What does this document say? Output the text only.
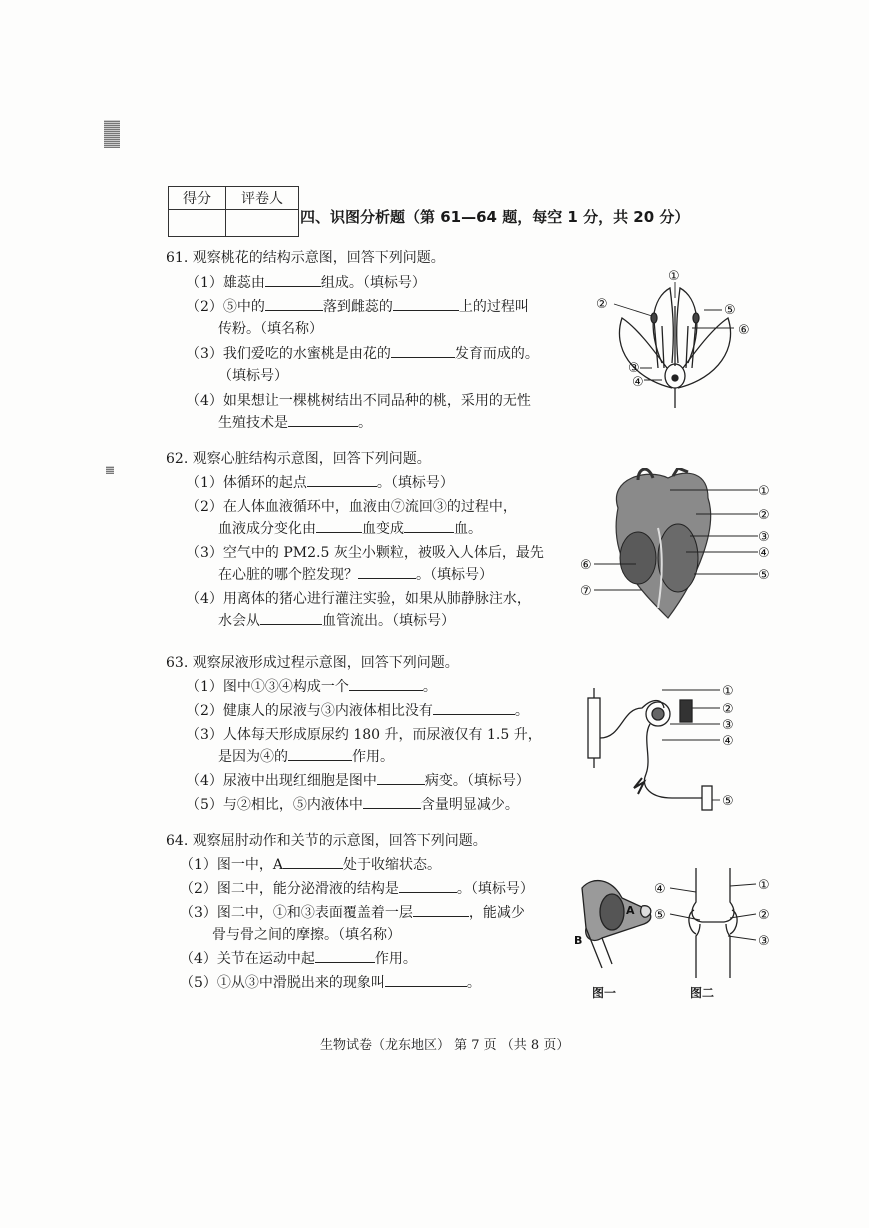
得分	评卷人

四、识图分析题（第 61—64 题，每空 1 分，共 20 分）
61. 观察桃花的结构示意图，回答下列问题。
（1）雄蕊由	组成。（填标号）
（2）⑤中的	落到雌蕊的	上的过程叫
传粉。（填名称）
（3）我们爱吃的水蜜桃是由花的	发育而成的。
（填标号）
（4）如果想让一棵桃树结出不同品种的桃，采用的无性
生殖技术是	。
①
②
③
④
⑤
⑥
62. 观察心脏结构示意图，回答下列问题。
（1）体循环的起点	。（填标号）
（2）在人体血液循环中，血液由⑦流回③的过程中，
血液成分变化由	血变成	血。
（3）空气中的 PM2.5 灰尘小颗粒，被吸入人体后，最先
在心脏的哪个腔发现？	。（填标号）
（4）用离体的猪心进行灌注实验，如果从肺静脉注水，
水会从	血管流出。（填标号）
①
②
③
④
⑤
⑥
⑦
63. 观察尿液形成过程示意图，回答下列问题。
（1）图中①③④构成一个	。
（2）健康人的尿液与③内液体相比没有	。
（3）人体每天形成原尿约 180 升，而尿液仅有 1.5 升，
是因为④的	作用。
（4）尿液中出现红细胞是图中	病变。（填标号）
（5）与②相比，⑤内液体中	含量明显减少。
①
②
③
④
⑤
64. 观察屈肘动作和关节的示意图，回答下列问题。
（1）图一中，A	处于收缩状态。
（2）图二中，能分泌滑液的结构是	。（填标号）
（3）图二中，①和③表面覆盖着一层	，能减少
骨与骨之间的摩擦。（填名称）
（4）关节在运动中起	作用。
（5）①从③中滑脱出来的现象叫	。
A
B
④	①
⑤	②
③
图一	图二
生物试卷（龙东地区） 第 7 页 （共 8 页）
